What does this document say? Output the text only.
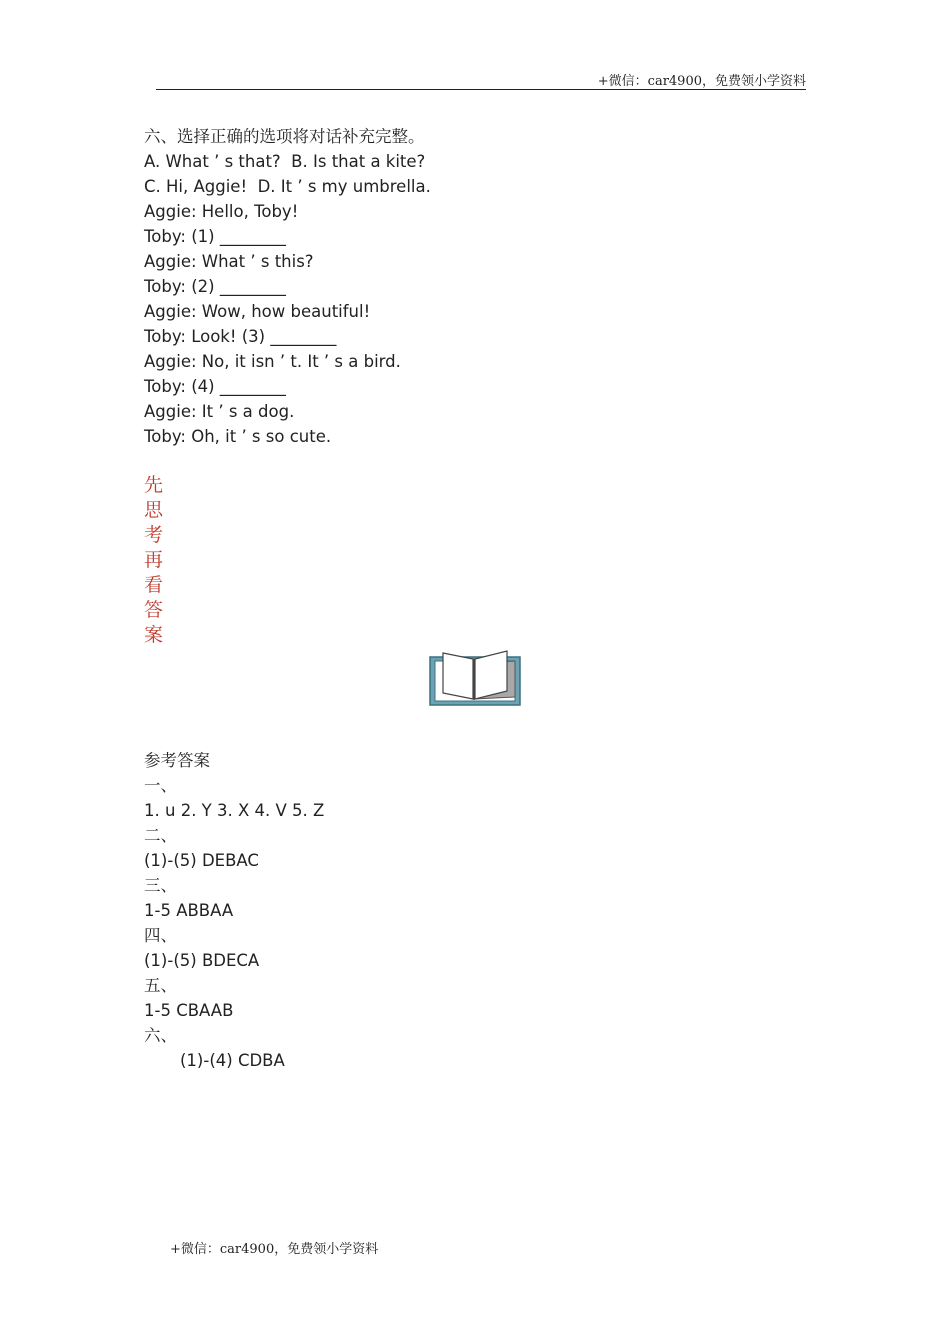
+微信：car4900，免费领小学资料
六、选择正确的选项将对话补充完整。
A. What ’ s that?  B. Is that a kite?
C. Hi, Aggie!  D. It ’ s my umbrella.
Aggie: Hello, Toby!
Toby: (1) ________
Aggie: What ’ s this?
Toby: (2) ________
Aggie: Wow, how beautiful!
Toby: Look! (3) ________
Aggie: No, it isn ’ t. It ’ s a bird.
Toby: (4) ________
Aggie: It ’ s a dog.
Toby: Oh, it ’ s so cute.
先
思
考
再
看
答
案
参考答案
一、
1. u 2. Y 3. X 4. V 5. Z
二、
(1)-(5) DEBAC
三、
1-5 ABBAA
四、
(1)-(5) BDECA
五、
1-5 CBAAB
六、
(1)-(4) CDBA
+微信：car4900，免费领小学资料
